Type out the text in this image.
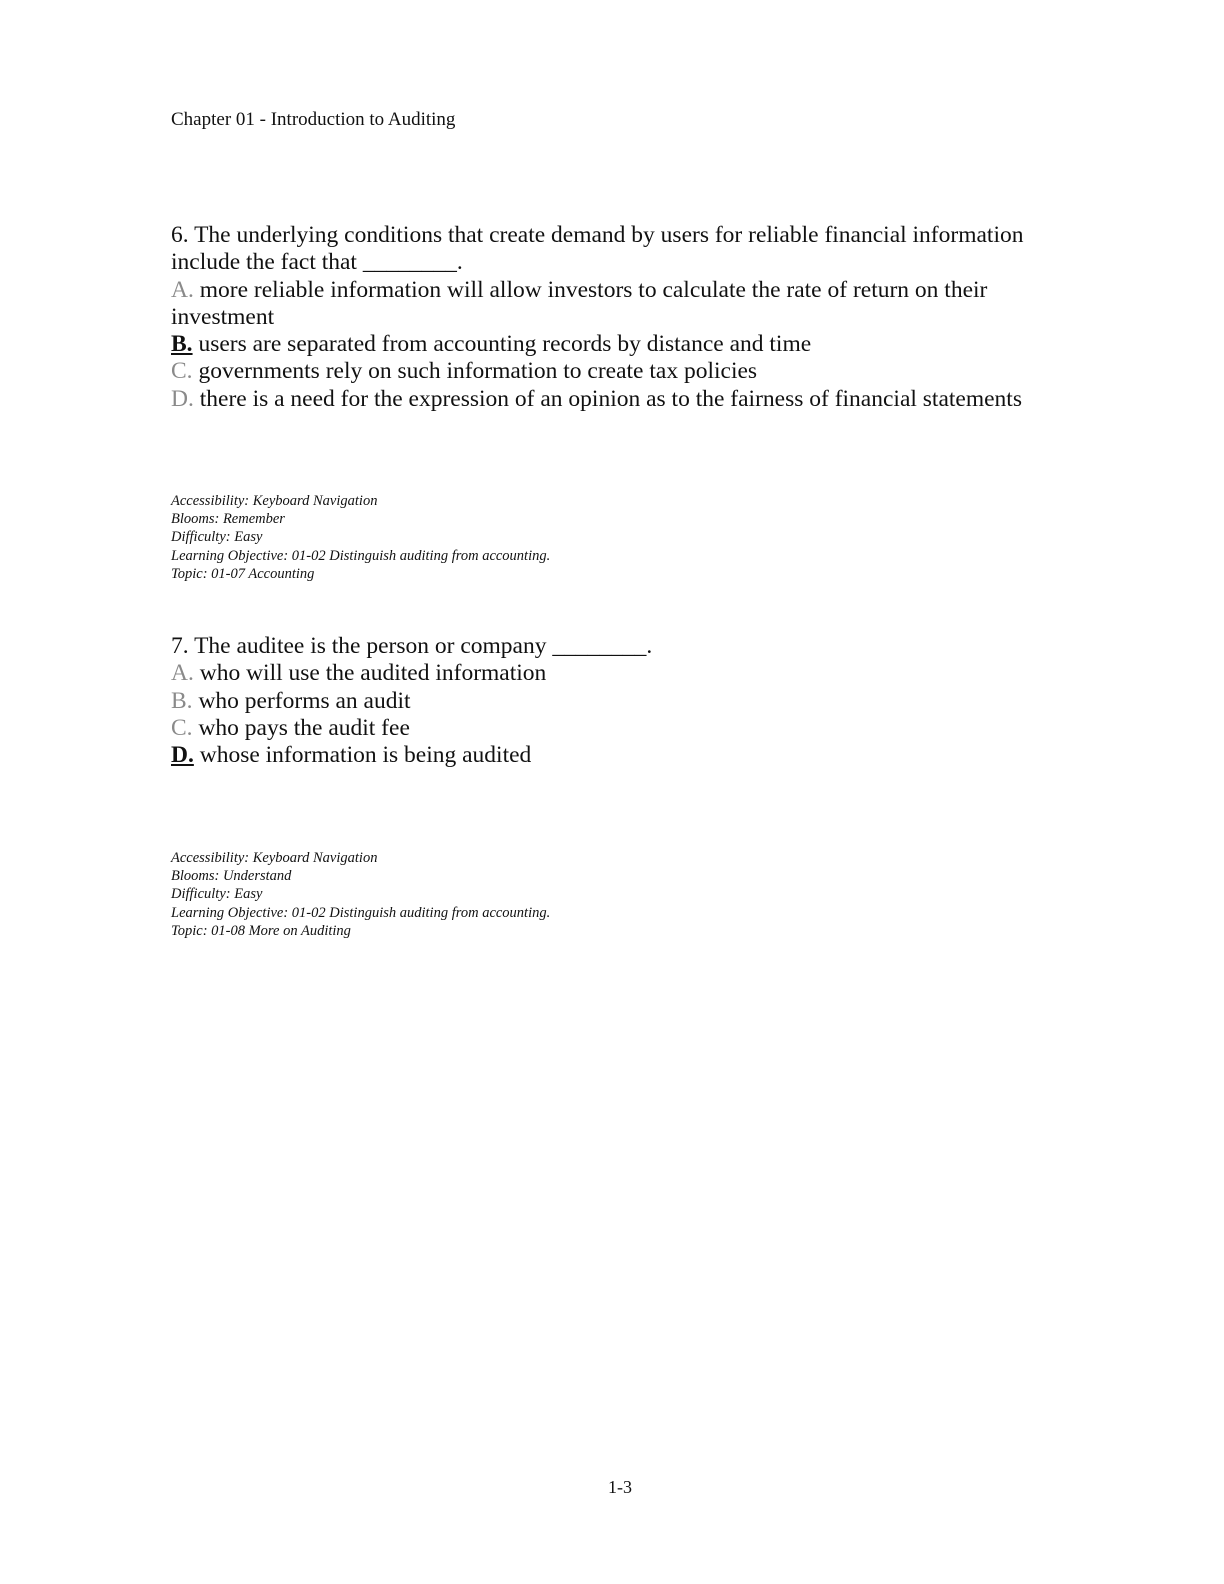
Chapter 01 - Introduction to Auditing

6. The underlying conditions that create demand by users for reliable financial information include the fact that ________.

A. more reliable information will allow investors to calculate the rate of return on their investment

B. users are separated from accounting records by distance and time

C. governments rely on such information to create tax policies

D. there is a need for the expression of an opinion as to the fairness of financial statements

Accessibility: Keyboard Navigation
Blooms: Remember
Difficulty: Easy
Learning Objective: 01-02 Distinguish auditing from accounting.
Topic: 01-07 Accounting

7. The auditee is the person or company ________.

A. who will use the audited information

B. who performs an audit

C. who pays the audit fee

D. whose information is being audited

Accessibility: Keyboard Navigation
Blooms: Understand
Difficulty: Easy
Learning Objective: 01-02 Distinguish auditing from accounting.
Topic: 01-08 More on Auditing
1-3
